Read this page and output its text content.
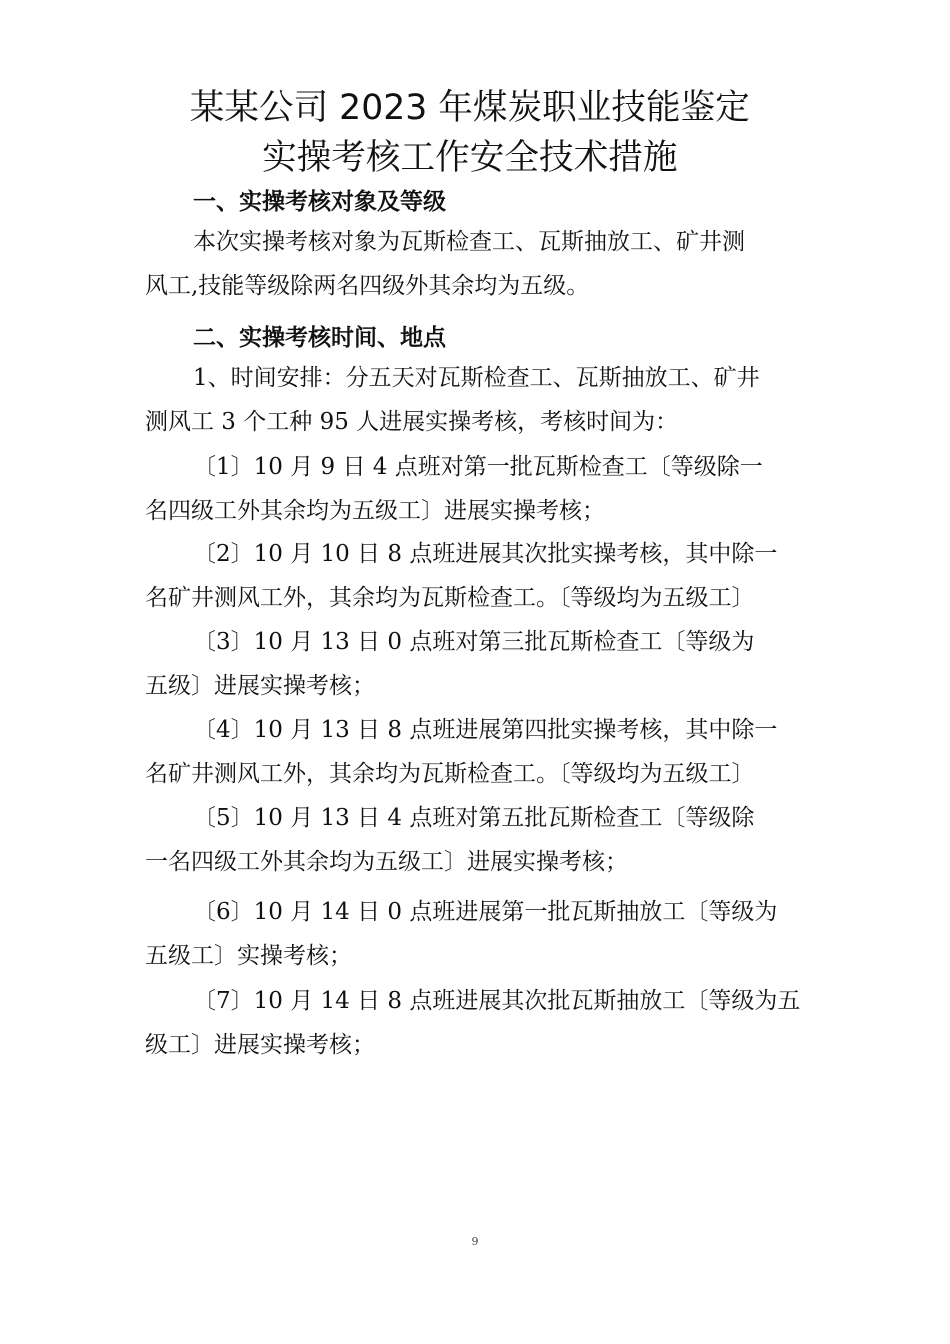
某某公司 2023 年煤炭职业技能鉴定
实操考核工作安全技术措施
一、实操考核对象及等级
本次实操考核对象为瓦斯检查工、瓦斯抽放工、矿井测
风工,技能等级除两名四级外其余均为五级。
二、实操考核时间、地点
1、时间安排：分五天对瓦斯检查工、瓦斯抽放工、矿井
测风工 3 个工种 95 人进展实操考核，考核时间为：
〔1〕10 月 9 日 4 点班对第一批瓦斯检查工〔等级除一
名四级工外其余均为五级工〕进展实操考核；
〔2〕10 月 10 日 8 点班进展其次批实操考核，其中除一
名矿井测风工外，其余均为瓦斯检查工。〔等级均为五级工〕
〔3〕10 月 13 日 0 点班对第三批瓦斯检查工〔等级为
五级〕进展实操考核；
〔4〕10 月 13 日 8 点班进展第四批实操考核，其中除一
名矿井测风工外，其余均为瓦斯检查工。〔等级均为五级工〕
〔5〕10 月 13 日 4 点班对第五批瓦斯检查工〔等级除
一名四级工外其余均为五级工〕进展实操考核；
〔6〕10 月 14 日 0 点班进展第一批瓦斯抽放工〔等级为
五级工〕实操考核；
〔7〕10 月 14 日 8 点班进展其次批瓦斯抽放工〔等级为五
级工〕进展实操考核；
9
